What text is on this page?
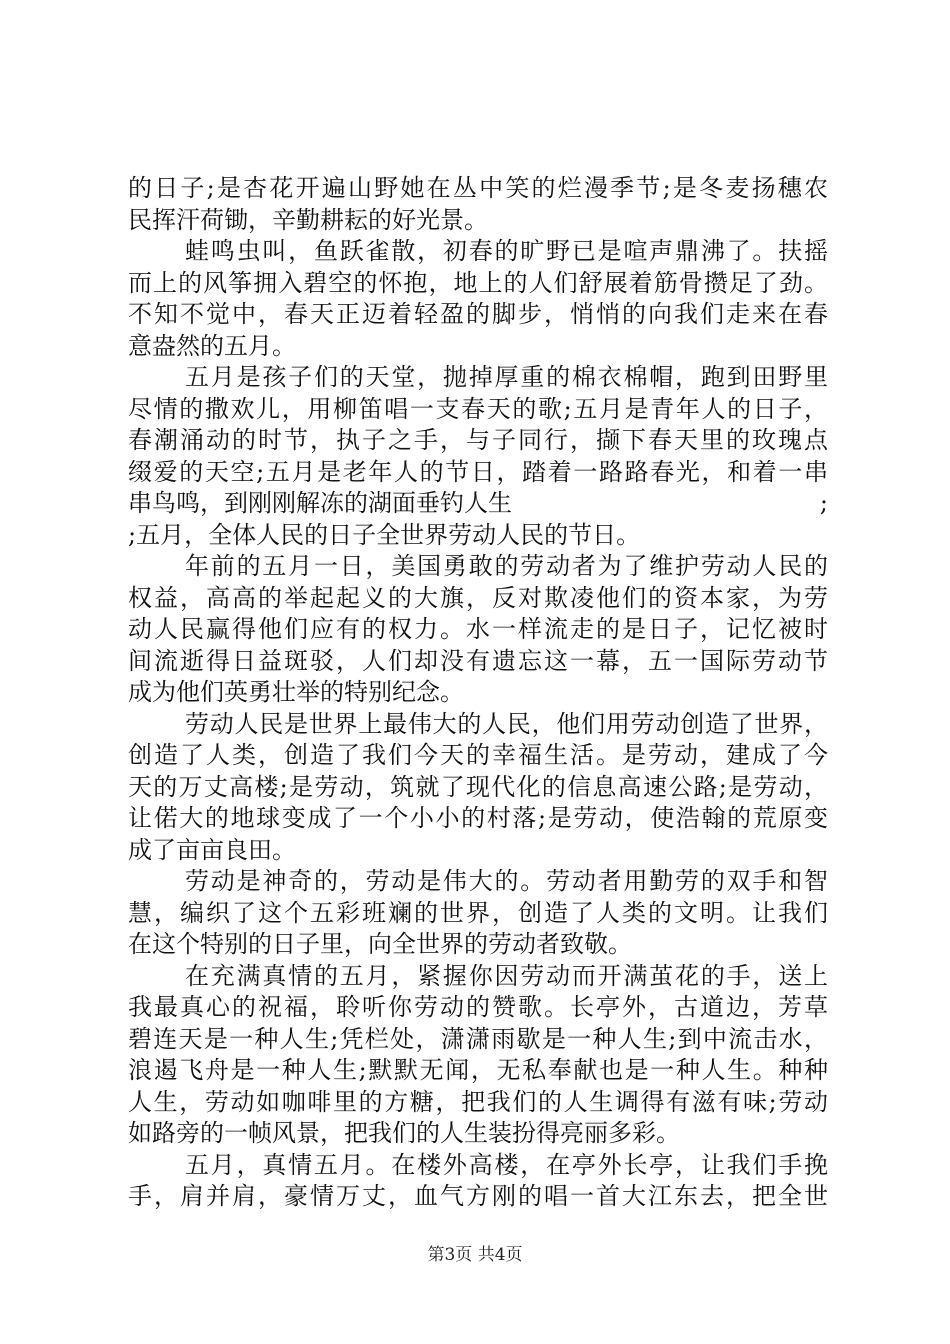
的日子;是杏花开遍山野她在丛中笑的烂漫季节;是冬麦扬穗农
民挥汗荷锄，辛勤耕耘的好光景。
蛙鸣虫叫，鱼跃雀散，初春的旷野已是喧声鼎沸了。扶摇
而上的风筝拥入碧空的怀抱，地上的人们舒展着筋骨攒足了劲。
不知不觉中，春天正迈着轻盈的脚步，悄悄的向我们走来在春
意盎然的五月。
五月是孩子们的天堂，抛掉厚重的棉衣棉帽，跑到田野里
尽情的撒欢儿，用柳笛唱一支春天的歌;五月是青年人的日子，
春潮涌动的时节，执子之手，与子同行，撷下春天里的玫瑰点
缀爱的天空;五月是老年人的节日，踏着一路路春光，和着一串
串鸟鸣，到刚刚解冻的湖面垂钓人生	;
;五月，全体人民的日子全世界劳动人民的节日。
年前的五月一日，美国勇敢的劳动者为了维护劳动人民的
权益，高高的举起起义的大旗，反对欺凌他们的资本家，为劳
动人民赢得他们应有的权力。水一样流走的是日子，记忆被时
间流逝得日益斑驳，人们却没有遗忘这一幕，五一国际劳动节
成为他们英勇壮举的特别纪念。
劳动人民是世界上最伟大的人民，他们用劳动创造了世界，
创造了人类，创造了我们今天的幸福生活。是劳动，建成了今
天的万丈高楼;是劳动，筑就了现代化的信息高速公路;是劳动，
让偌大的地球变成了一个小小的村落;是劳动，使浩翰的荒原变
成了亩亩良田。
劳动是神奇的，劳动是伟大的。劳动者用勤劳的双手和智
慧，编织了这个五彩班斓的世界，创造了人类的文明。让我们
在这个特别的日子里，向全世界的劳动者致敬。
在充满真情的五月，紧握你因劳动而开满茧花的手，送上
我最真心的祝福，聆听你劳动的赞歌。长亭外，古道边，芳草
碧连天是一种人生;凭栏处，潇潇雨歇是一种人生;到中流击水，
浪遏飞舟是一种人生;默默无闻，无私奉献也是一种人生。种种
人生，劳动如咖啡里的方糖，把我们的人生调得有滋有味;劳动
如路旁的一帧风景，把我们的人生装扮得亮丽多彩。
五月，真情五月。在楼外高楼，在亭外长亭，让我们手挽
手，肩并肩，豪情万丈，血气方刚的唱一首大江东去，把全世
第3页 共4页
